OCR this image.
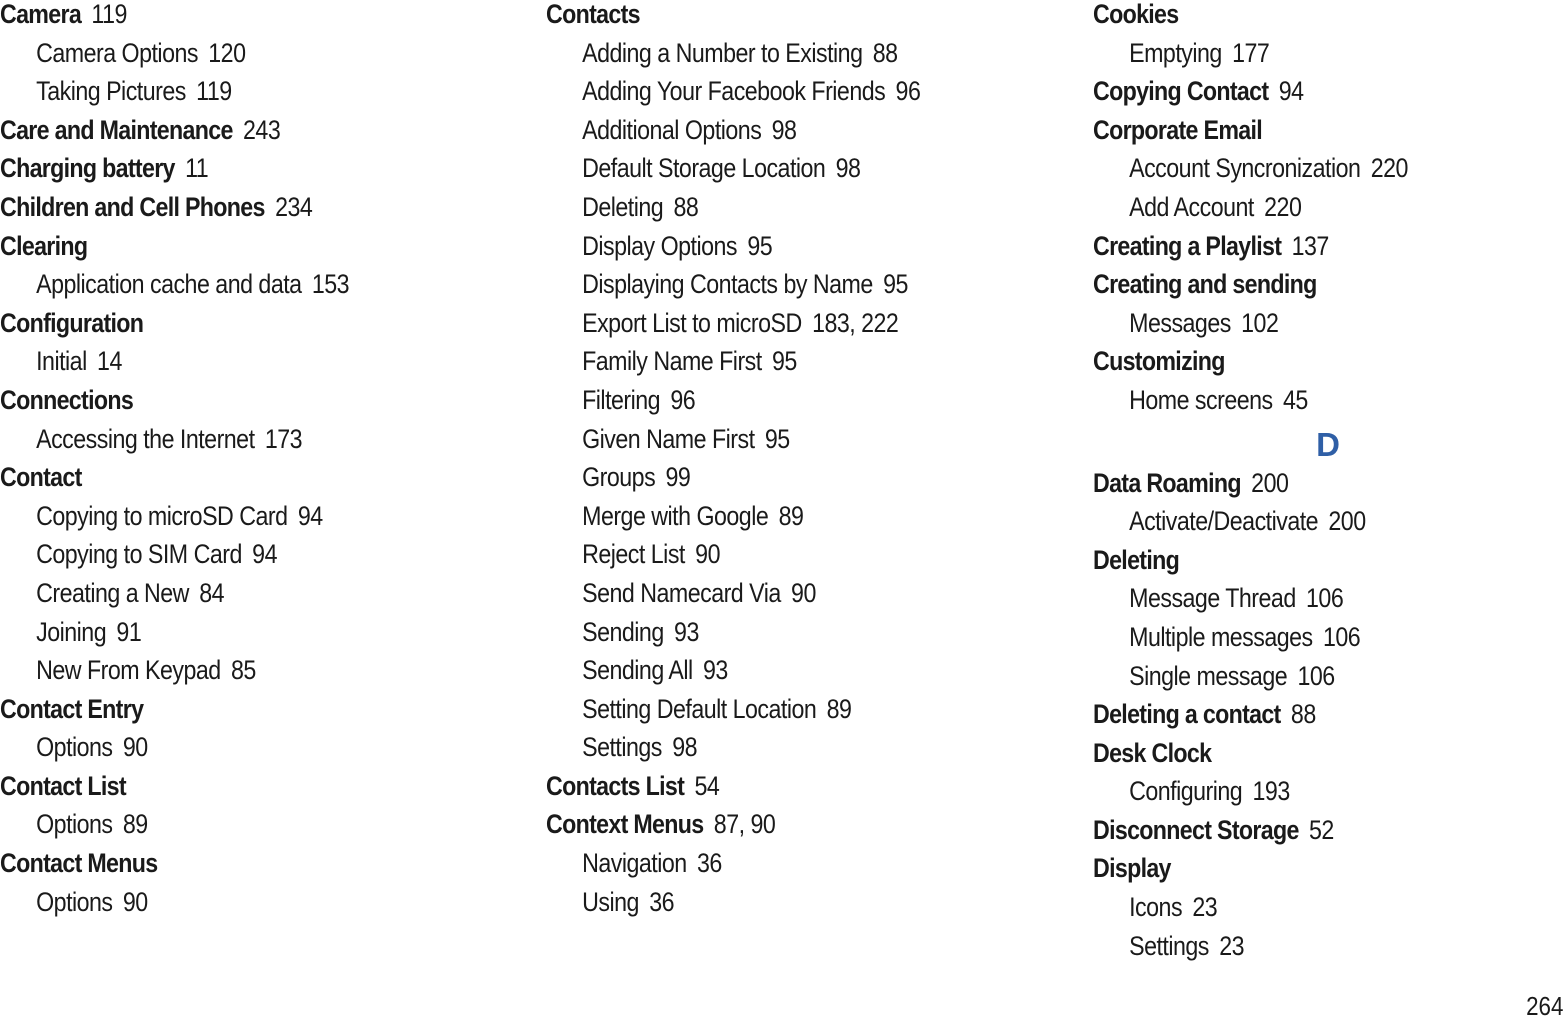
Camera 119
Camera Options 120
Taking Pictures 119
Care and Maintenance 243
Charging battery 11
Children and Cell Phones 234
Clearing
Application cache and data 153
Configuration
Initial 14
Connections
Accessing the Internet 173
Contact
Copying to microSD Card 94
Copying to SIM Card 94
Creating a New 84
Joining 91
New From Keypad 85
Contact Entry
Options 90
Contact List
Options 89
Contact Menus
Options 90
Contacts
Adding a Number to Existing 88
Adding Your Facebook Friends 96
Additional Options 98
Default Storage Location 98
Deleting 88
Display Options 95
Displaying Contacts by Name 95
Export List to microSD 183, 222
Family Name First 95
Filtering 96
Given Name First 95
Groups 99
Merge with Google 89
Reject List 90
Send Namecard Via 90
Sending 93
Sending All 93
Setting Default Location 89
Settings 98
Contacts List 54
Context Menus 87, 90
Navigation 36
Using 36
Cookies
Emptying 177
Copying Contact 94
Corporate Email
Account Syncronization 220
Add Account 220
Creating a Playlist 137
Creating and sending
Messages 102
Customizing
Home screens 45
D
Data Roaming 200
Activate/Deactivate 200
Deleting
Message Thread 106
Multiple messages 106
Single message 106
Deleting a contact 88
Desk Clock
Configuring 193
Disconnect Storage 52
Display
Icons 23
Settings 23
264
